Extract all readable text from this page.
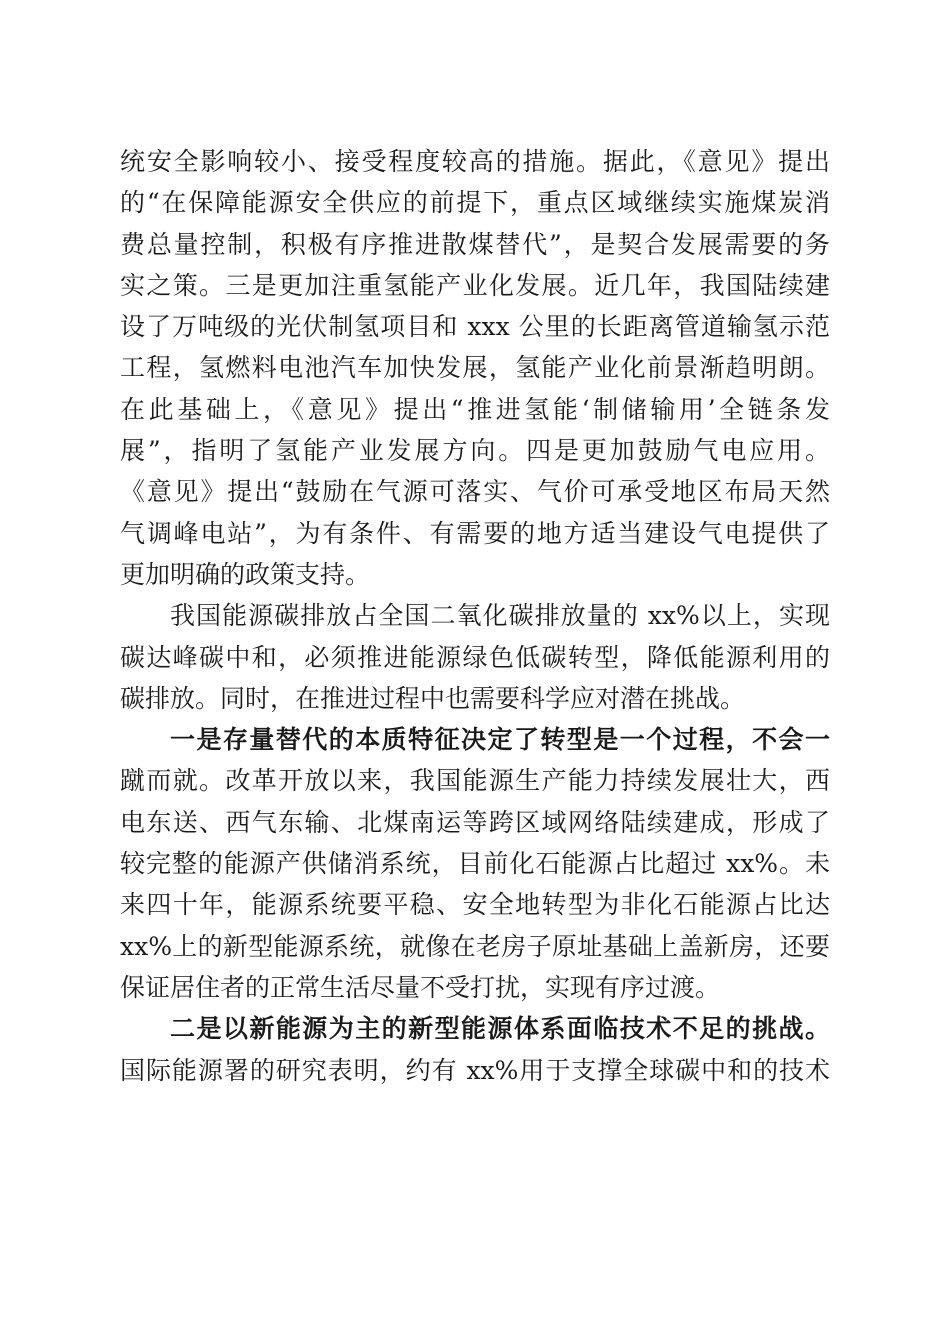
统安全影响较小、接受程度较高的措施。据此，《意见》提出
的“在保障能源安全供应的前提下，重点区域继续实施煤炭消
费总量控制，积极有序推进散煤替代”，是契合发展需要的务
实之策。三是更加注重氢能产业化发展。近几年，我国陆续建
设了万吨级的光伏制氢项目和 xxx 公里的长距离管道输氢示范
工程，氢燃料电池汽车加快发展，氢能产业化前景渐趋明朗。
在此基础上，《意见》提出“推进氢能‘制储输用’全链条发
展”，指明了氢能产业发展方向。四是更加鼓励气电应用。
《意见》提出“鼓励在气源可落实、气价可承受地区布局天然
气调峰电站”，为有条件、有需要的地方适当建设气电提供了
更加明确的政策支持。
我国能源碳排放占全国二氧化碳排放量的 xx%以上，实现
碳达峰碳中和，必须推进能源绿色低碳转型，降低能源利用的
碳排放。同时，在推进过程中也需要科学应对潜在挑战。
一是存量替代的本质特征决定了转型是一个过程，不会一
蹴而就。改革开放以来，我国能源生产能力持续发展壮大，西
电东送、西气东输、北煤南运等跨区域网络陆续建成，形成了
较完整的能源产供储消系统，目前化石能源占比超过 xx%。未
来四十年，能源系统要平稳、安全地转型为非化石能源占比达
xx%上的新型能源系统，就像在老房子原址基础上盖新房，还要
保证居住者的正常生活尽量不受打扰，实现有序过渡。
二是以新能源为主的新型能源体系面临技术不足的挑战。
国际能源署的研究表明，约有 xx%用于支撑全球碳中和的技术
